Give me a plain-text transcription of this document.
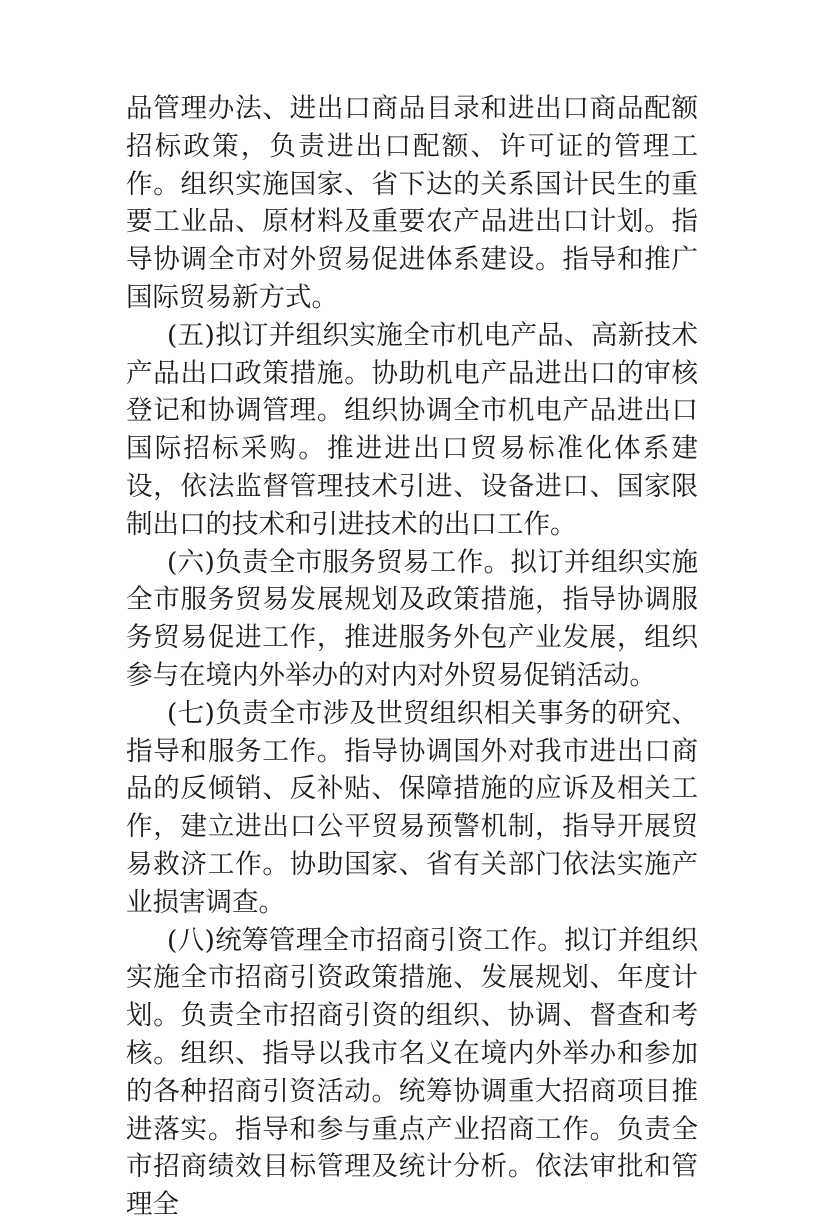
品管理办法、进出口商品目录和进出口商品配额招标政策，负责进出口配额、许可证的管理工作。组织实施国家、省下达的关系国计民生的重要工业品、原材料及重要农产品进出口计划。指导协调全市对外贸易促进体系建设。指导和推广国际贸易新方式。

(五)拟订并组织实施全市机电产品、高新技术产品出口政策措施。协助机电产品进出口的审核登记和协调管理。组织协调全市机电产品进出口国际招标采购。推进进出口贸易标准化体系建设，依法监督管理技术引进、设备进口、国家限制出口的技术和引进技术的出口工作。

(六)负责全市服务贸易工作。拟订并组织实施全市服务贸易发展规划及政策措施，指导协调服务贸易促进工作，推进服务外包产业发展，组织参与在境内外举办的对内对外贸易促销活动。

(七)负责全市涉及世贸组织相关事务的研究、指导和服务工作。指导协调国外对我市进出口商品的反倾销、反补贴、保障措施的应诉及相关工作，建立进出口公平贸易预警机制，指导开展贸易救济工作。协助国家、省有关部门依法实施产业损害调查。

(八)统筹管理全市招商引资工作。拟订并组织实施全市招商引资政策措施、发展规划、年度计划。负责全市招商引资的组织、协调、督查和考核。组织、指导以我市名义在境内外举办和参加的各种招商引资活动。统筹协调重大招商项目推进落实。指导和参与重点产业招商工作。负责全市招商绩效目标管理及统计分析。依法审批和管理全
